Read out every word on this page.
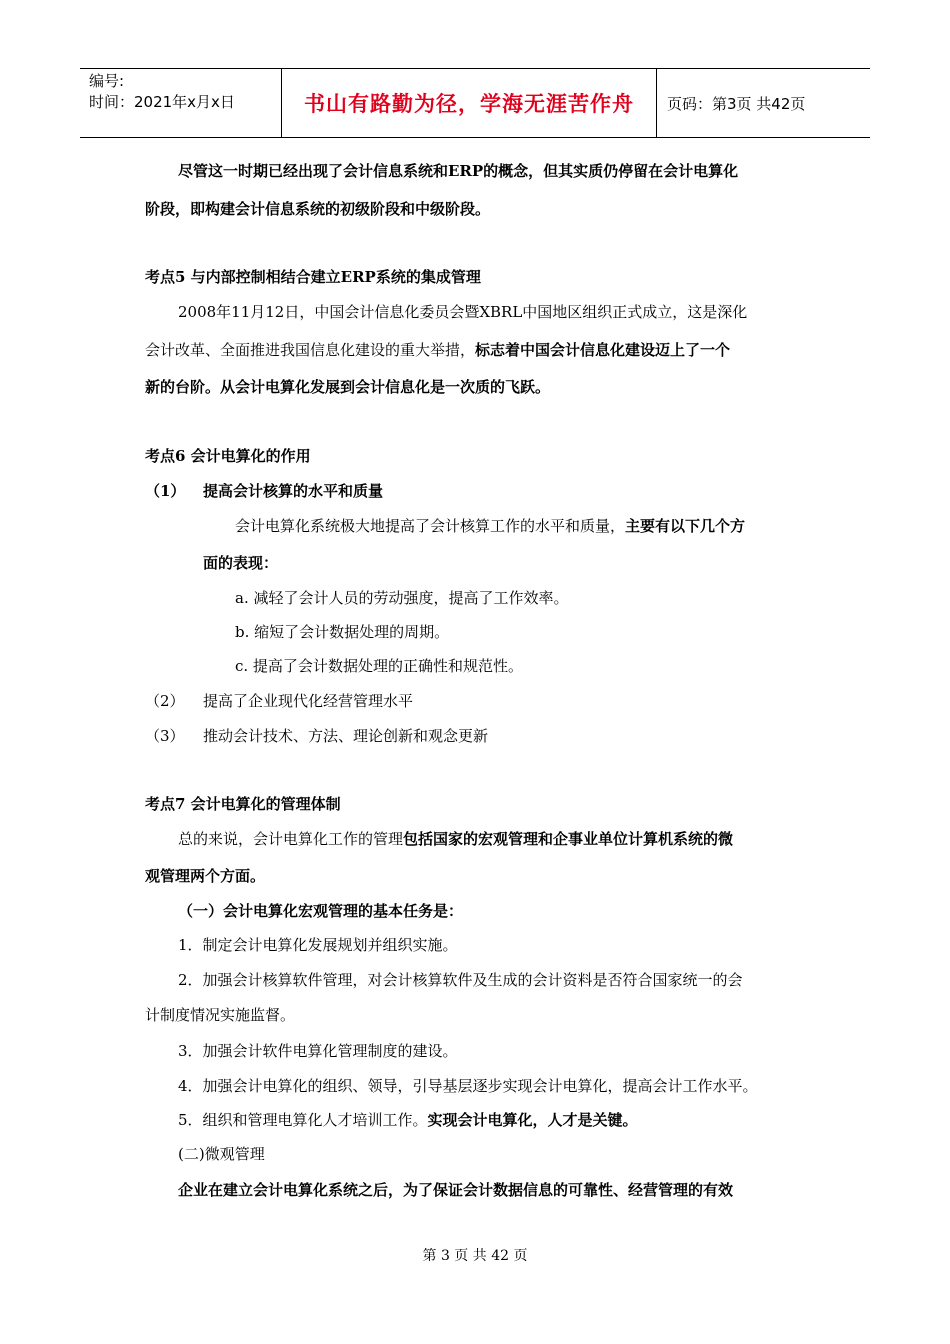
编号:
时间：2021年x月x日	书山有路勤为径，学海无涯苦作舟	页码：第3页 共42页
尽管这一时期已经出现了会计信息系统和ERP的概念，但其实质仍停留在会计电算化
阶段，即构建会计信息系统的初级阶段和中级阶段。
考点5 与内部控制相结合建立ERP系统的集成管理
2008年11月12日，中国会计信息化委员会暨XBRL中国地区组织正式成立，这是深化
会计改革、全面推进我国信息化建设的重大举措，标志着中国会计信息化建设迈上了一个
新的台阶。从会计电算化发展到会计信息化是一次质的飞跃。
考点6 会计电算化的作用
（1） 提高会计核算的水平和质量
会计电算化系统极大地提高了会计核算工作的水平和质量，主要有以下几个方
面的表现：
a. 减轻了会计人员的劳动强度，提高了工作效率。
b. 缩短了会计数据处理的周期。
c. 提高了会计数据处理的正确性和规范性。
（2） 提高了企业现代化经营管理水平
（3） 推动会计技术、方法、理论创新和观念更新
考点7 会计电算化的管理体制
总的来说，会计电算化工作的管理包括国家的宏观管理和企事业单位计算机系统的微
观管理两个方面。
（一）会计电算化宏观管理的基本任务是：
1．制定会计电算化发展规划并组织实施。
2．加强会计核算软件管理，对会计核算软件及生成的会计资料是否符合国家统一的会
计制度情况实施监督。
3．加强会计软件电算化管理制度的建设。
4．加强会计电算化的组织、领导，引导基层逐步实现会计电算化，提高会计工作水平。
5．组织和管理电算化人才培训工作。实现会计电算化，人才是关键。
(二)微观管理
企业在建立会计电算化系统之后，为了保证会计数据信息的可靠性、经营管理的有效
第 3 页 共 42 页
